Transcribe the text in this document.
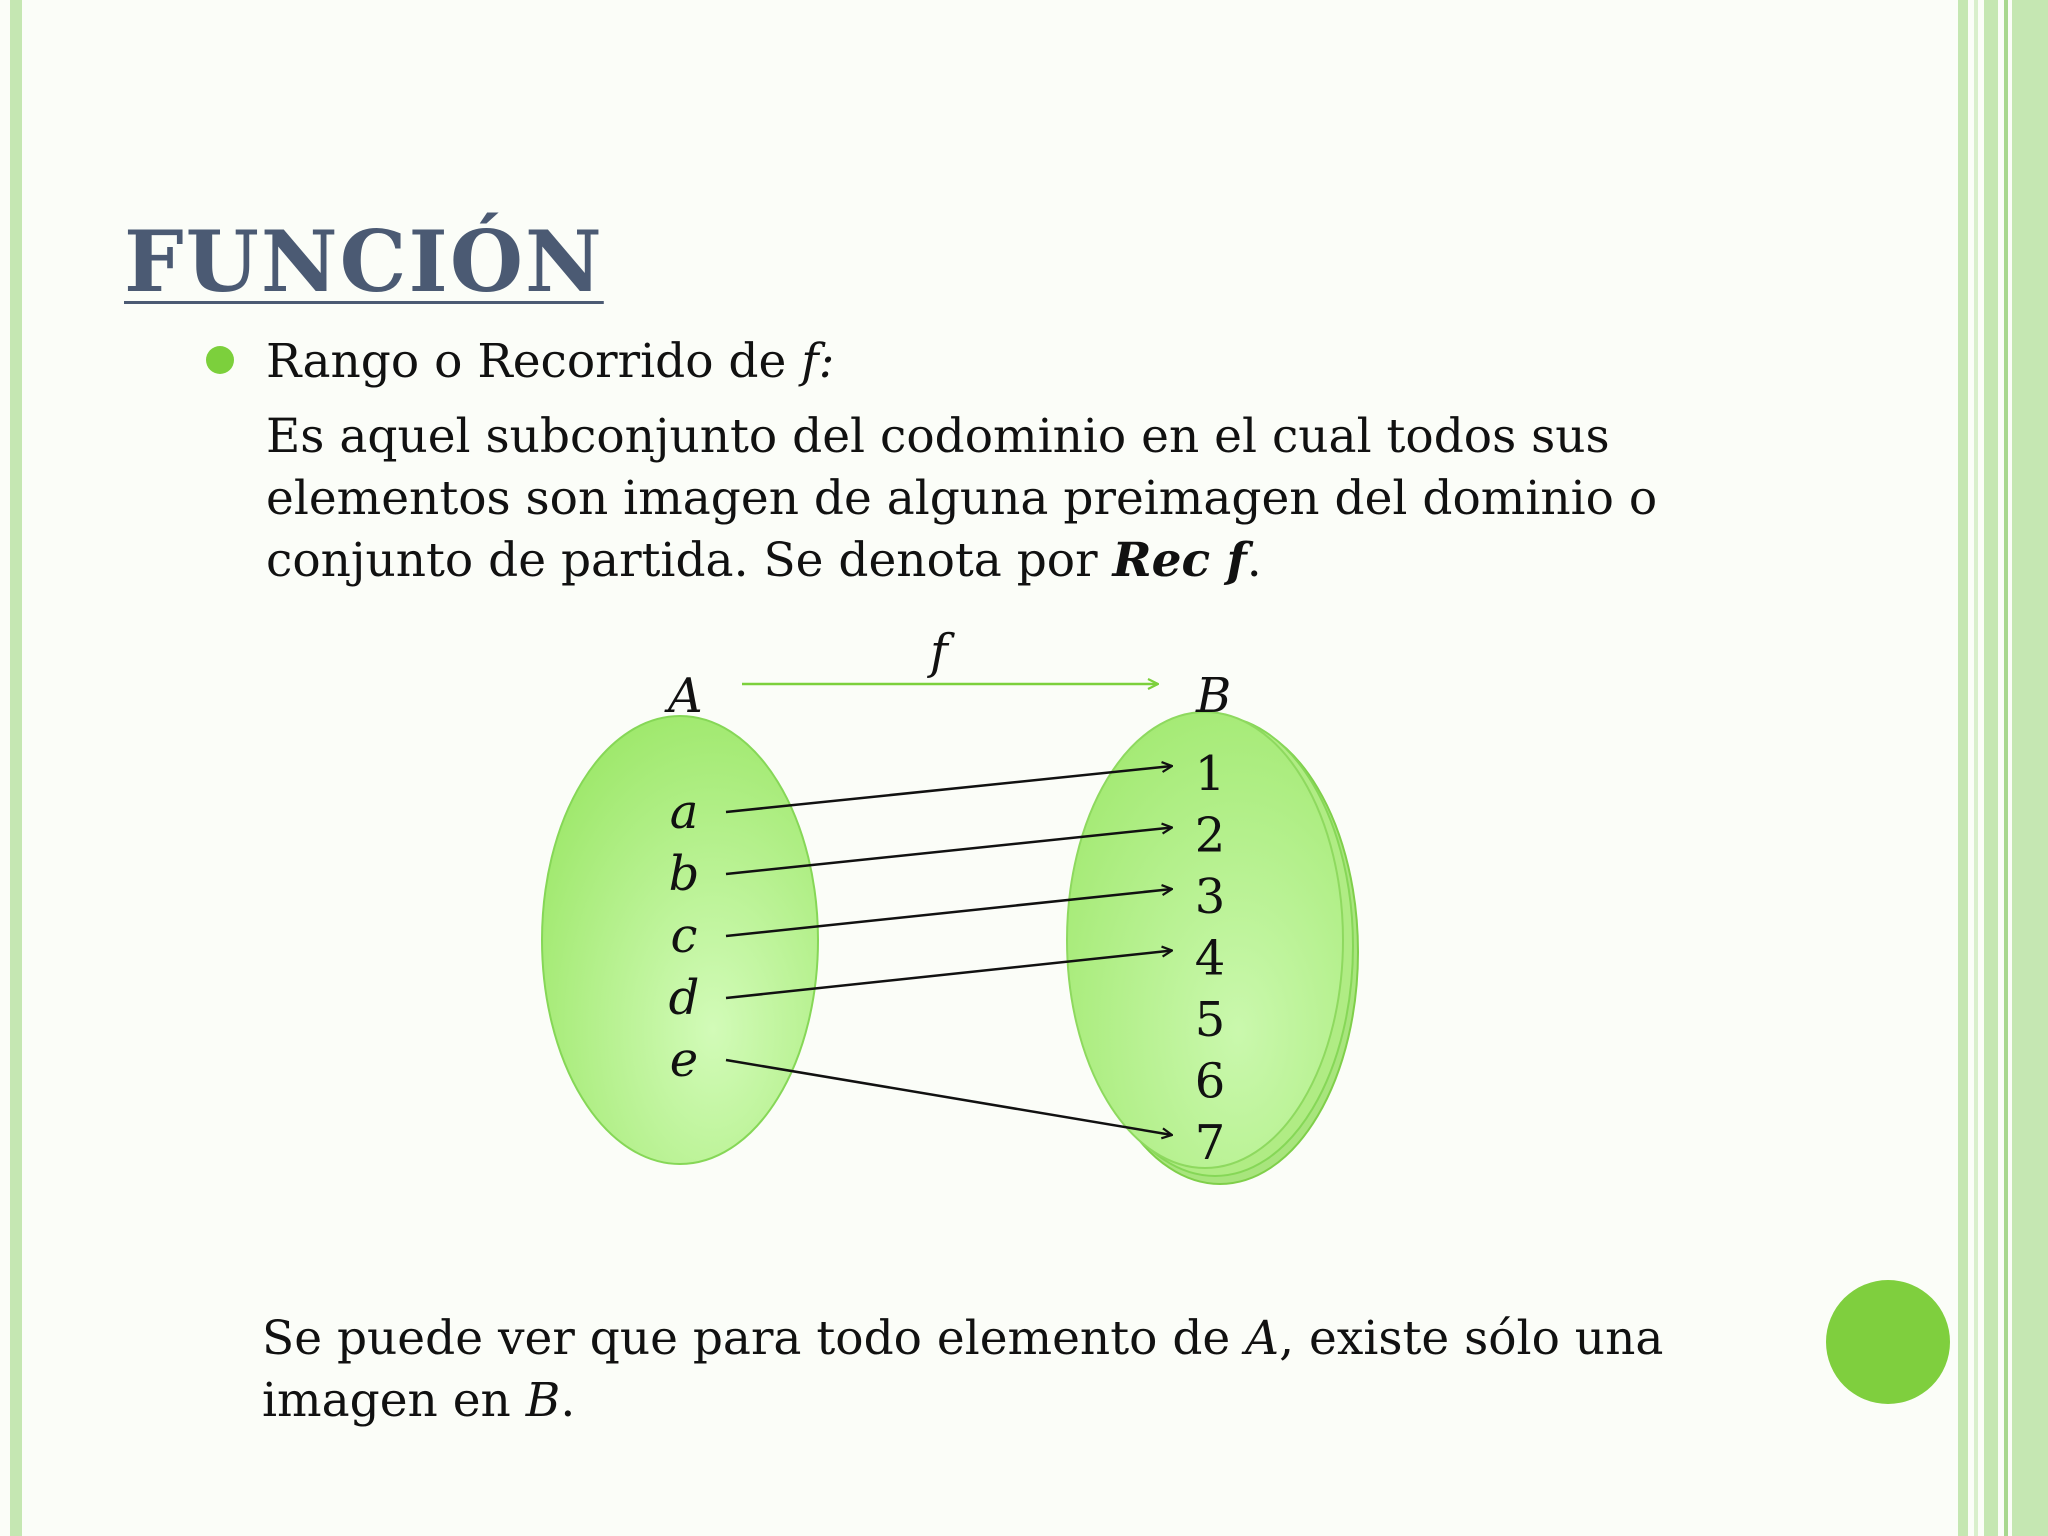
FUNCIÓN
Rango o Recorrido de f:
Es aquel subconjunto del codominio en el cual todos sus elementos son imagen de alguna preimagen del dominio o conjunto de partida. Se denota por Rec f.
f
A	B
a
b
c
d
e
1
2
3
4
5
6
7
Se puede ver que para todo elemento de A, existe sólo una imagen en B.
